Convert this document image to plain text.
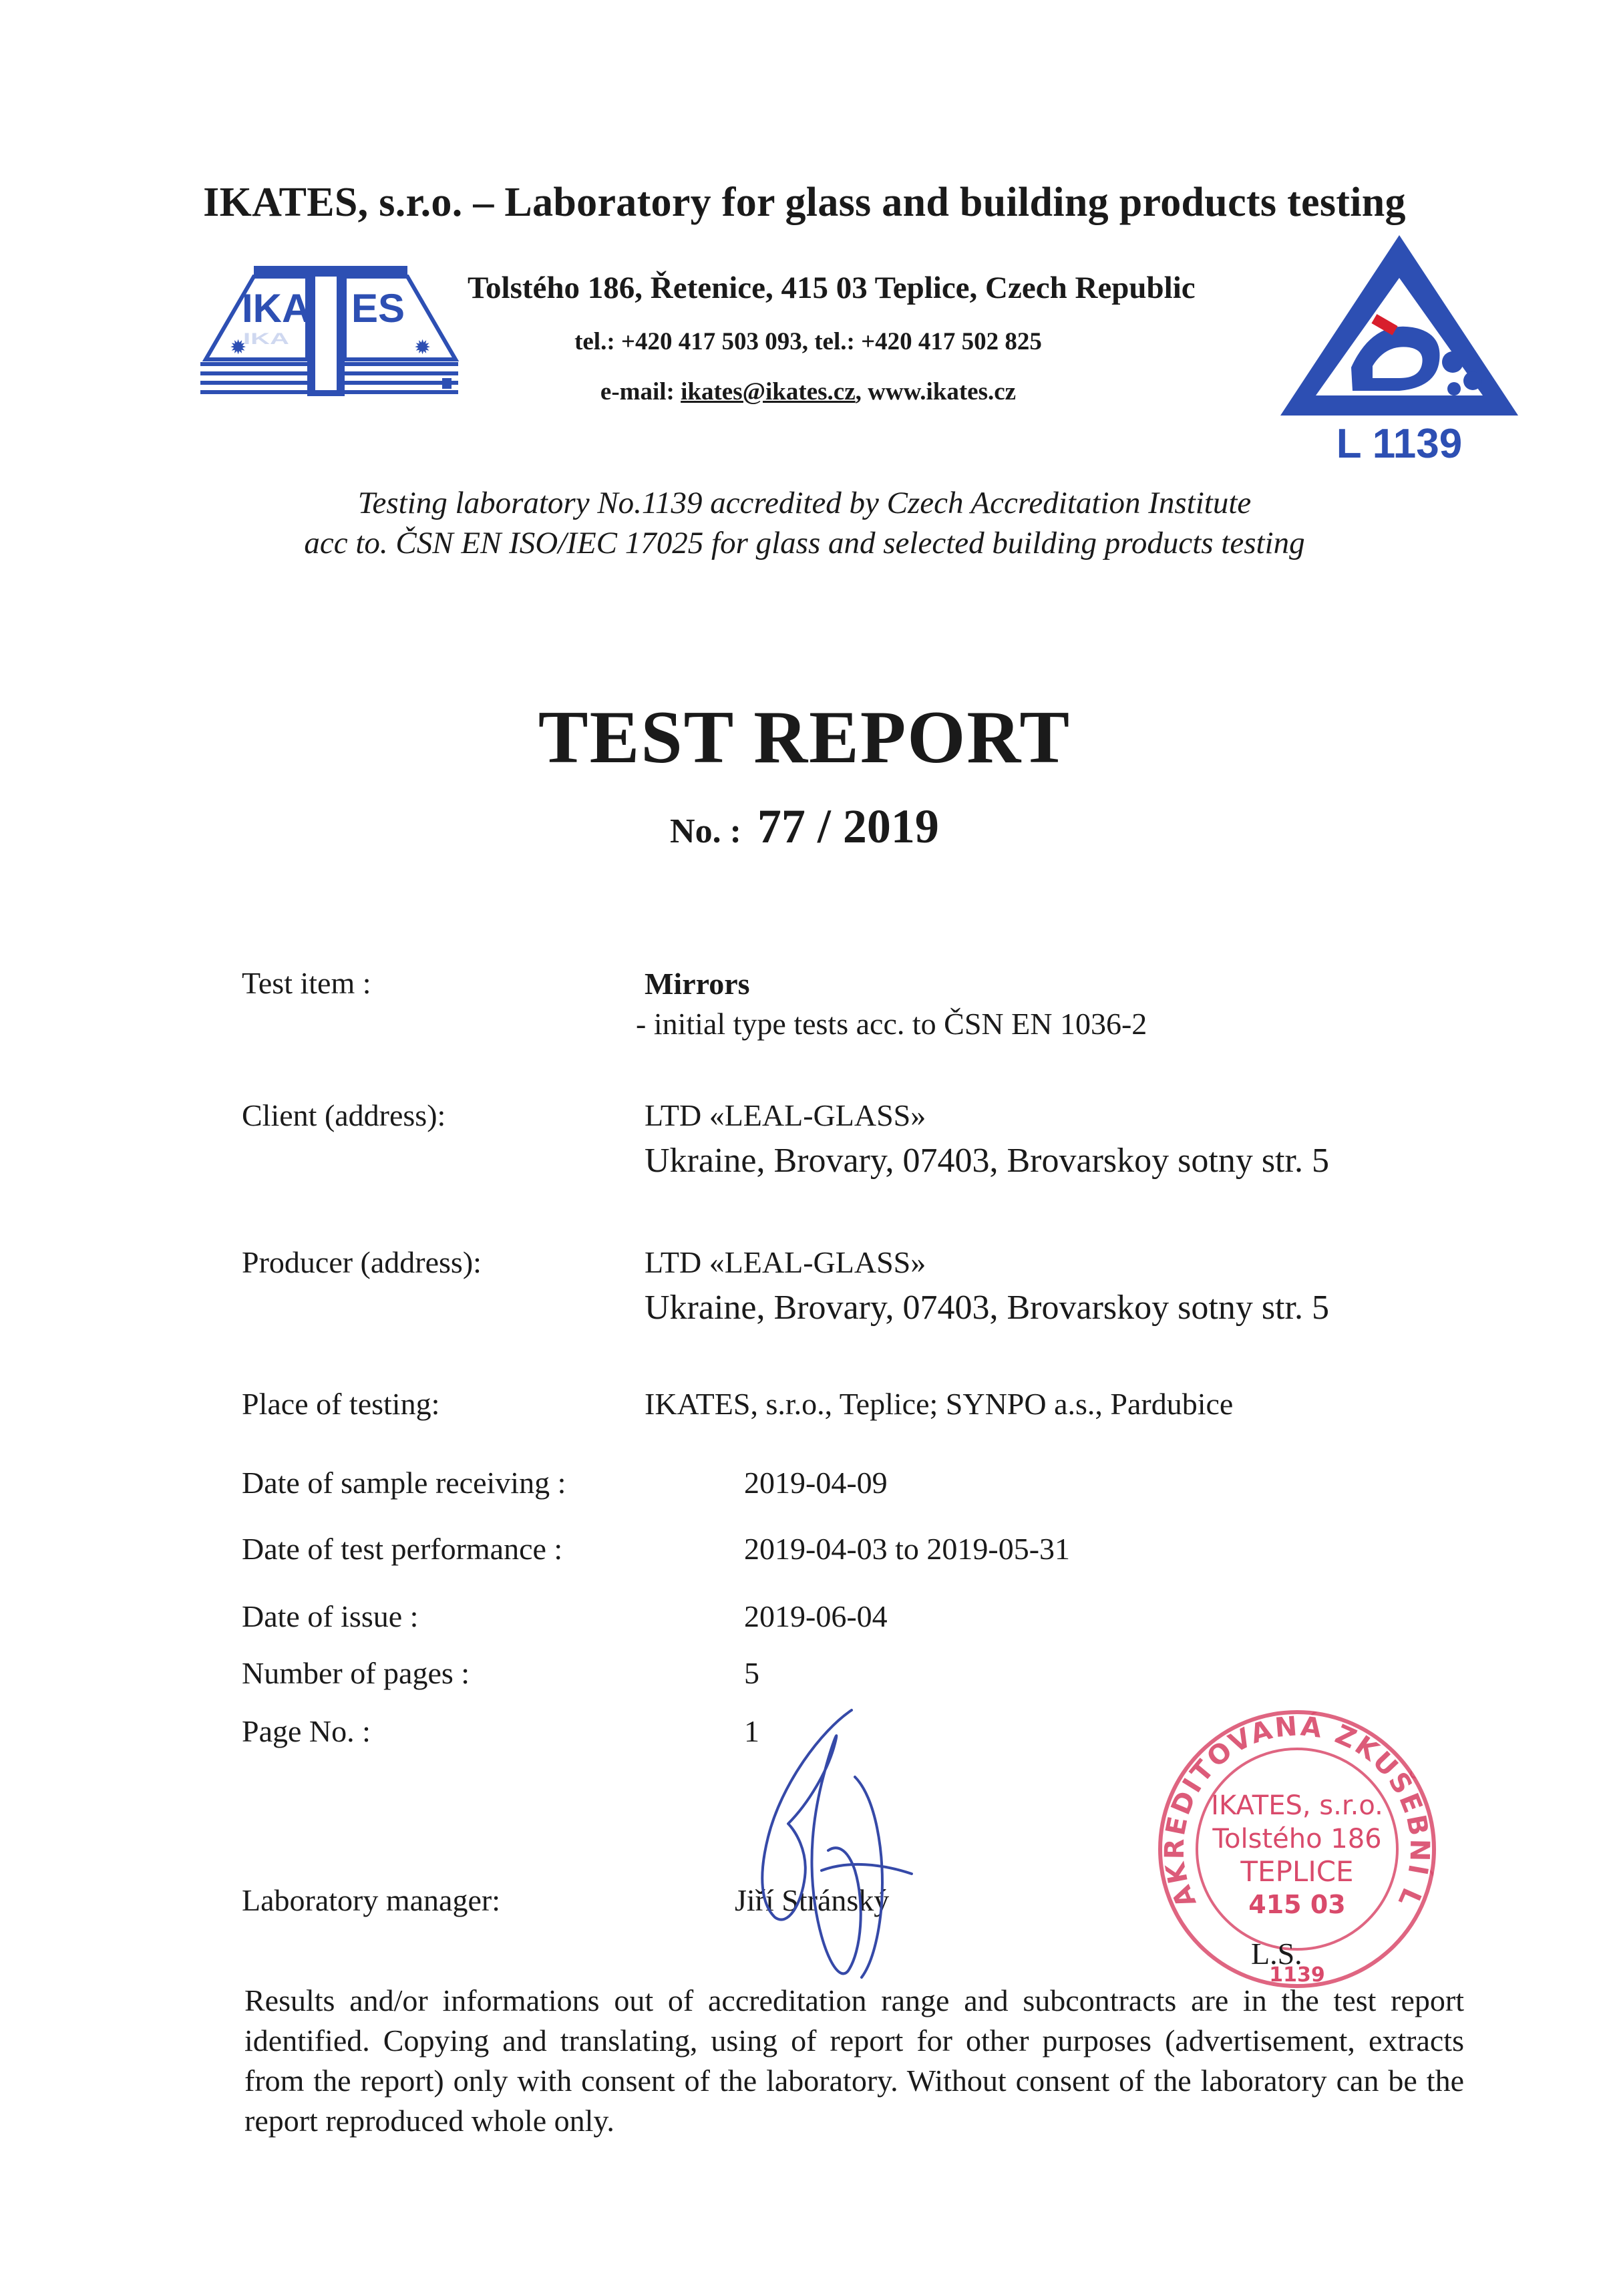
IKATES, s.r.o. – Laboratory for glass and building products testing
IKA ES
IKA
✹	✹
Tolstého 186, Řetenice, 415 03 Teplice, Czech Republic
tel.: +420 417 503 093, tel.: +420 417 502 825
e-mail: ikates@ikates.cz, www.ikates.cz
L 1139
Testing laboratory No.1139 accredited by Czech Accreditation Institute
acc to. ČSN EN ISO/IEC 17025 for glass and selected building products testing
TEST REPORT
No. : 77 / 2019
Test item :	Mirrors
- initial type tests acc. to ČSN EN 1036-2
Client (address):	LTD «LEAL-GLASS»
Ukraine, Brovary, 07403, Brovarskoy sotny str. 5
Producer (address):	LTD «LEAL-GLASS»
Ukraine, Brovary, 07403, Brovarskoy sotny str. 5
Place of testing:	IKATES, s.r.o., Teplice; SYNPO a.s., Pardubice
Date of sample receiving :	2019-04-09
Date of test performance :	2019-04-03 to 2019-05-31
Date of issue :	2019-06-04
Number of pages :	5
Page No. :	1
Laboratory manager:	Jiří Stránský	AKREDITOVANÁ ZKUŠEBNÍ L
IKATES, s.r.o.
Tolstého 186
TEPLICE
415 03
1139
L.S.
Results and/or informations out of accreditation range and subcontracts are in the test report identified. Copying and translating, using of report for other purposes (advertisement, extracts from the report) only with consent of the laboratory. Without consent of the laboratory can be the report reproduced whole only.
